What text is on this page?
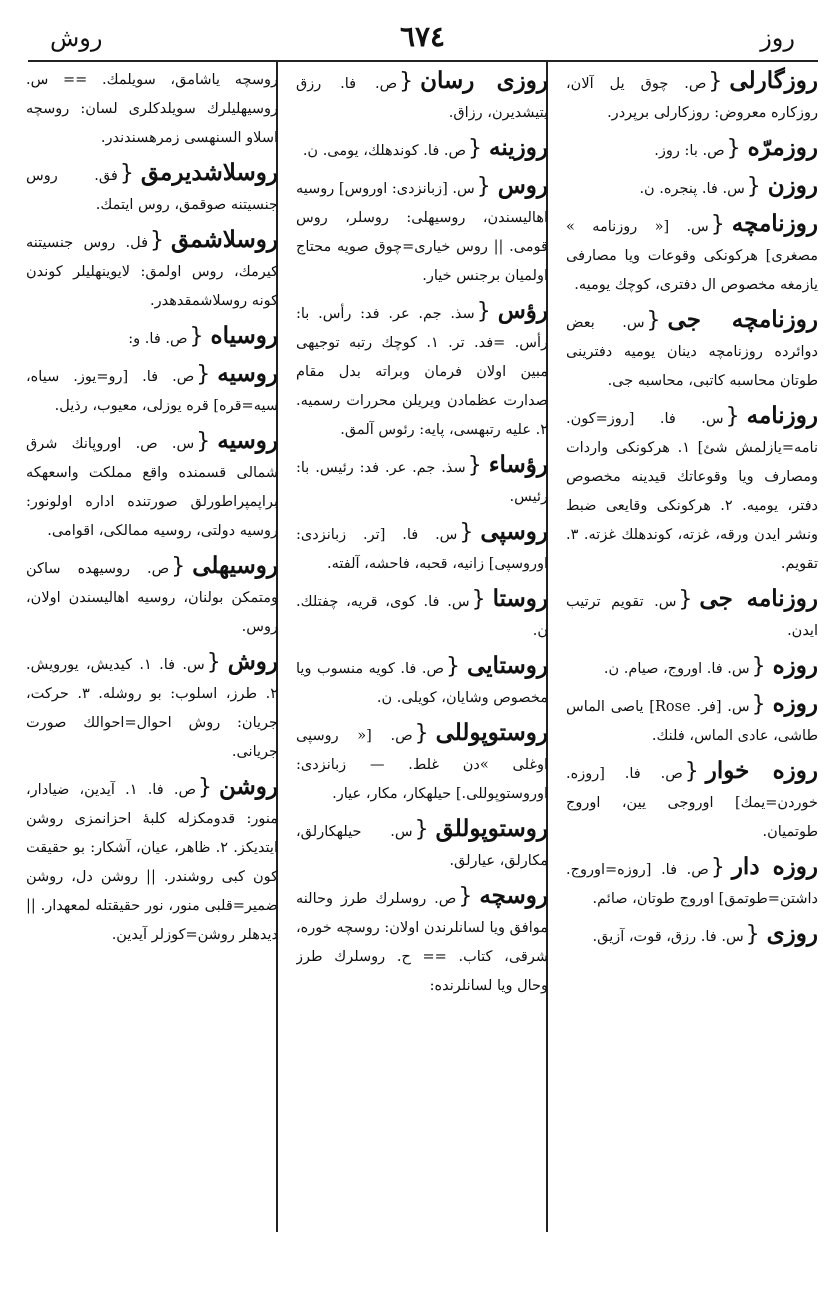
روز
٦٧٤
روش

روزگارلی{ص. چوق يل آلان، روزكاره معروض: روزكارلى برپردر.

روزمرّه{ص. با: روز.

روزن{س. فا. پنجره. ن.

روزنامچه{س. [« روزنامه » مصغری] هركونكى وقوعات ويا مصارفى يازمغه مخصوص ال دفترى، كوچك يوميه.

روزنامچه جى{س. بعض دوائرده روزنامچه دينان يوميه دفترينى طوتان محاسبه كاتبى، محاسبه جى.

روزنامه{س. فا. [روز=كون. نامه=يازلمش شئ] ١. هركونكى واردات ومصارف ويا وقوعاتك قيدينه مخصوص دفتر، يوميه. ٢. هركونكى وقايعى ضبط ونشر ايدن ورقه، غزته، كوندهلك غزته. ٣. تقويم.

روزنامه جى{س. تقويم ترتيب ايدن.

روزه{س. فا. اوروج، صيام. ن.

روزه{س. [فر. Rose] ياصى الماس طاشى، عادى الماس، فلنك.

روزه خوار{ص. فا. [روزه. خوردن=يمك] اوروجى يين، اوروج طوتميان.

روزه دار{ص. فا. [روزه=اوروج. داشتن=طوتمق] اوروج طوتان، صائم.

روزى{س. فا. رزق، قوت، آزيق.

روزى رسان{ص. فا. رزق يتيشديرن، رزاق.

روزينه{ص. فا. كوندهلك، يومى. ن.

روس{س. [زبانزدى: اوروس] روسيه اهاليسندن، روسيهلى: روسلر، روس قومى. || روس خيارى=چوق صويه محتاج اولميان برجنس خيار.

رؤس{سذ. جم. عر. فد: رأس. با: رأس. =فد. تر. ١. كوچك رتبه توجيهى مبين اولان فرمان وبراته بدل مقام صدارت عظمادن ويريلن محررات رسميه. ٢. عليه رتبهسى، پايه: رئوس آلمق.

رؤساء{سذ. جم. عر. فد: رئيس. با: رئيس.

روسپى{س. فا. [تر. زبانزدى: اوروسپى] زانيه، قحبه، فاحشه، آلفته.

روستا{س. فا. كوى، قريه، چفتلك. ن.

روستايى{ص. فا. كويه منسوب ويا مخصوص وشايان، كويلى. ن.

روستوپوللى{ص. [« روسپى اوغلى »دن غلط. — زبانزدى: اوروستوپوللى.] حيلهكار، مكار، عيار.

روستوپوللق{س. حيلهكارلق، مكارلق، عيارلق.

روسچه{ص. روسلرك طرز وحالنه موافق ويا لسانلرندن اولان: روسچه خوره، شرقى، كتاب. == ح. روسلرك طرز وحال ويا لسانلرنده:

روسچه ياشامق، سويلمك. == س. روسيهليلرك سويلدكلرى لسان: روسچه اسلاو السنهسى زمرهسندندر.

روسلاشديرمق{فق. روس جنسيتنه صوقمق، روس ايتمك.

روسلاشمق{فل. روس جنسيتنه كيرمك، روس اولمق: لايوينهليلر كوندن كونه روسلاشمقدهدر.

روسياه{ص. فا. و:

روسيه{ص. فا. [رو=يوز. سياه، سيه=قره] قره يوزلى، معيوب، رذيل.

روسيه{س. ص. اوروپانك شرق شمالى قسمنده واقع مملكت واسعهكه براپمپراطورلق صورتنده اداره اولونور: روسيه دولتى، روسيه ممالكى، اقوامى.

روسيهلى{ص. روسيهده ساكن ومتمكن بولنان، روسيه اهاليسندن اولان، روس.

روش{س. فا. ١. كيديش، يورويش. ٢. طرز، اسلوب: بو روشله. ٣. حركت، جريان: روش احوال=احوالك صورت جريانى.

روشن{ص. فا. ١. آيدين، ضيادار، منور: قدومكزله كلبهٔ احزانمزى روشن ايتديكز. ٢. ظاهر، عيان، آشكار: بو حقيقت كون كبى روشندر. || روشن دل، روشن ضمير=قلبى منور، نور حقيقتله لمعهدار. || ديدهلر روشن=كوزلر آيدين.
